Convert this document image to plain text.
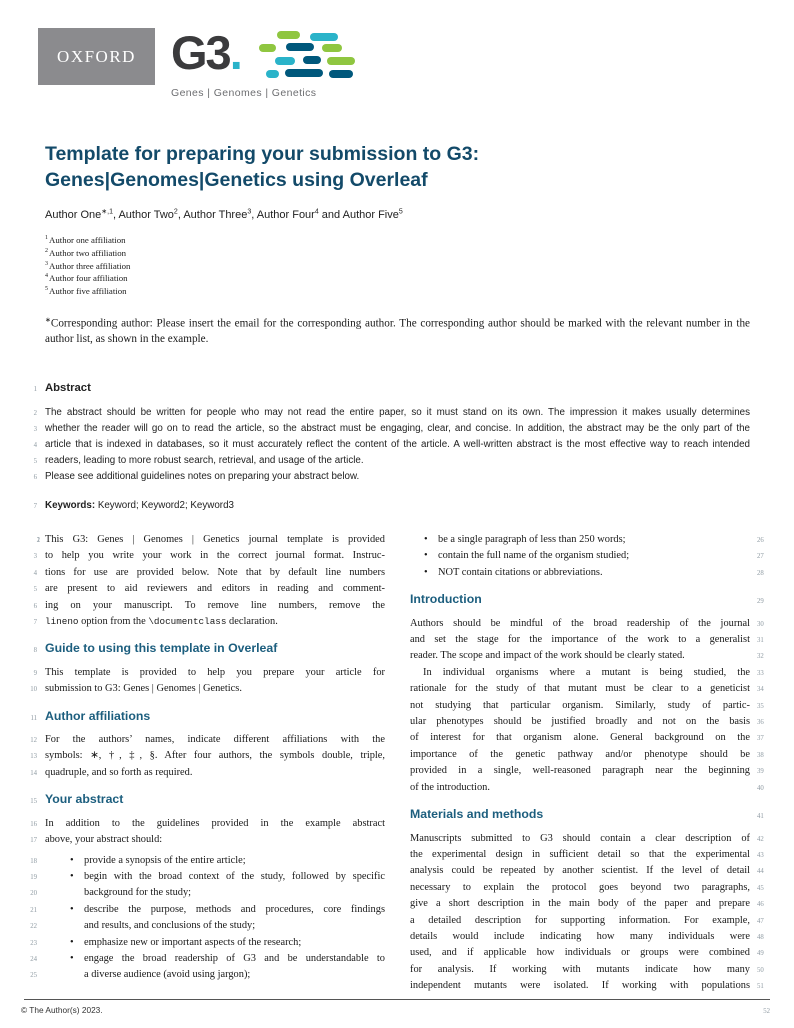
OXFORD G3.
Genes | Genomes | Genetics
Template for preparing your submission to G3:
Genes|Genomes|Genetics using Overleaf
Author One$^{∗,1}$, Author Two$^2$, Author Three$^3$, Author Four$^4$ and Author Five$^5$
$^1$Author one affiliation
$^2$Author two affiliation
$^3$Author three affiliation
$^4$Author four affiliation
$^5$Author five affiliation
∗Corresponding author: Please insert the email for the corresponding author. The corresponding author should be marked with the relevant number in the author list, as shown in the example.
1 Abstract
2 The abstract should be written for people who may not read the entire paper, so it must stand on its own. The impression it makes usually determines
3 whether the reader will go on to read the article, so the abstract must be engaging, clear, and concise. In addition, the abstract may be the only part of the
4 article that is indexed in databases, so it must accurately reflect the content of the article. A well-written abstract is the most effective way to reach intended
5 readers, leading to more robust search, retrieval, and usage of the article.
6 Please see additional guidelines notes on preparing your abstract below.
7 Keywords: Keyword; Keyword2; Keyword3
This G3: Genes | Genomes | Genetics journal template is provided
3 to help you write your work in the correct journal format. Instruc-
4 tions for use are provided below. Note that by default line numbers
5 are present to aid reviewers and editors in reading and comment-
6 ing on your manuscript. To remove line numbers, remove the
7 lineno option from the \documentclass declaration.
8 Guide to using this template in Overleaf
9 This template is provided to help you prepare your article for
10 submission to G3: Genes | Genomes | Genetics.
11 Author affiliations
12 For the authors’ names, indicate different affiliations with the
13 symbols: ∗, †, ‡, §. After four authors, the symbols double, triple,
14 quadruple, and so forth as required.
15 Your abstract
16 In addition to the guidelines provided in the example abstract
17 above, your abstract should:
18	• provide a synopsis of the entire article;
19	• begin with the broad context of the study, followed by specific
20	background for the study;
21	• describe the purpose, methods and procedures, core findings
22	and results, and conclusions of the study;
23	• emphasize new or important aspects of the research;
24	• engage the broad readership of G3 and be understandable to
25	a diverse audience (avoid using jargon);
• be a single paragraph of less than 250 words;	26
• contain the full name of the organism studied;	27
• NOT contain citations or abbreviations.	28
Introduction	29
Authors should be mindful of the broad readership of the journal 30
and set the stage for the importance of the work to a generalist 31
reader. The scope and impact of the work should be clearly stated.	32
In individual organisms where a mutant is being studied, the 33
rationale for the study of that mutant must be clear to a geneticist 34
not studying that particular organism. Similarly, study of partic- 35
ular phenotypes should be justified broadly and not on the basis 36
of interest for that organism alone. General background on the 37
importance of the genetic pathway and/or phenotype should be 38
provided in a single, well-reasoned paragraph near the beginning 39
of the introduction.	40
Materials and methods	41
Manuscripts submitted to G3 should contain a clear description of 42
the experimental design in sufficient detail so that the experimental 43
analysis could be repeated by another scientist. If the level of detail 44
necessary to explain the protocol goes beyond two paragraphs, 45
give a short description in the main body of the paper and prepare 46
a detailed description for supporting information. For example, 47
details would include indicating how many individuals were 48
used, and if applicable how individuals or groups were combined 49
for analysis. If working with mutants indicate how many 50
independent mutants were isolated. If working with populations 51
© The Author(s) 2023.	52
